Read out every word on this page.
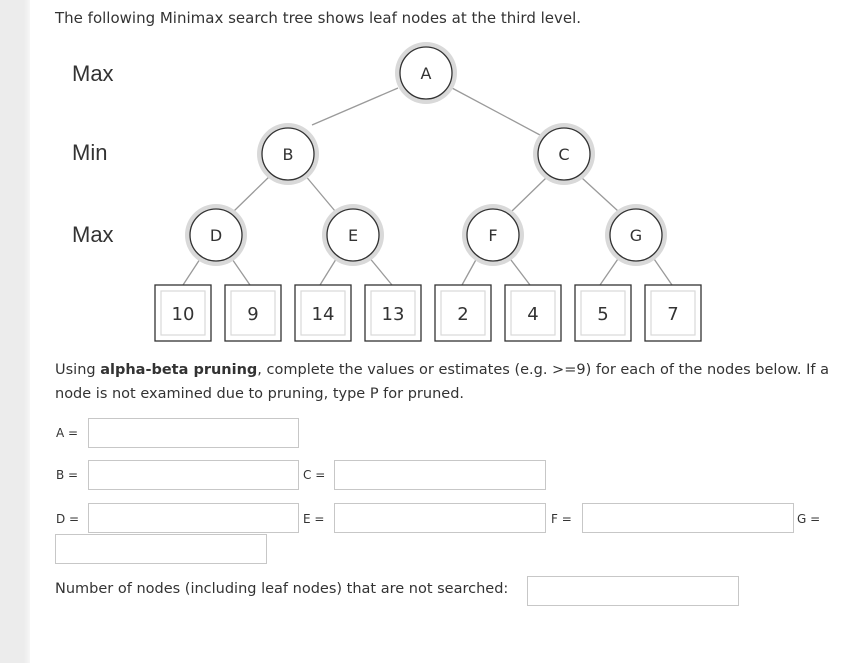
The following Minimax search tree shows leaf nodes at the third level.
Max
Min
Max
A
B	C
D	E	F	G
10	9	14	13	2	4	5	7
Using alpha-beta pruning, complete the values or estimates (e.g. >=9) for each of the nodes below. If a node is not examined due to pruning, type P for pruned.
A =
B =	C =
D =	E =	F =	G =
Number of nodes (including leaf nodes) that are not searched:
